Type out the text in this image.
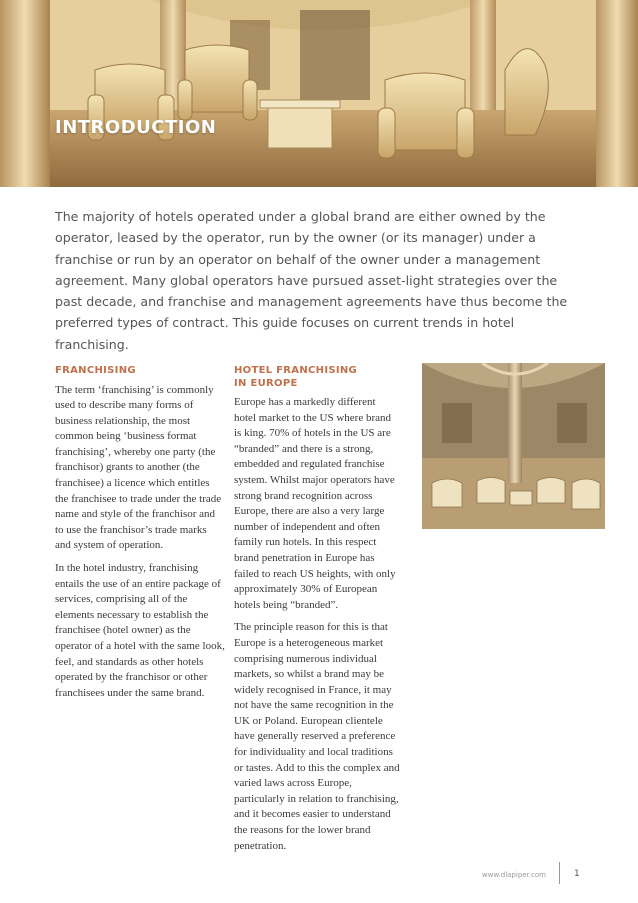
INTRODUCTION

The majority of hotels operated under a global brand are either owned by the operator, leased by the operator, run by the owner (or its manager) under a franchise or run by an operator on behalf of the owner under a management agreement. Many global operators have pursued asset-light strategies over the past decade, and franchise and management agreements have thus become the preferred types of contract. This guide focuses on current trends in hotel franchising.

FRANCHISING

The term ‘franchising’ is commonly used to describe many forms of business relationship, the most common being ‘business format franchising’, whereby one party (the franchisor) grants to another (the franchisee) a licence which entitles the franchisee to trade under the trade name and style of the franchisor and to use the franchisor’s trade marks and system of operation.

In the hotel industry, franchising entails the use of an entire package of services, comprising all of the elements necessary to establish the franchisee (hotel owner) as the operator of a hotel with the same look, feel, and standards as other hotels operated by the franchisor or other franchisees under the same brand.

HOTEL FRANCHISING
IN EUROPE

Europe has a markedly different hotel market to the US where brand is king. 70% of hotels in the US are “branded” and there is a strong, embedded and regulated franchise system. Whilst major operators have strong brand recognition across Europe, there are also a very large number of independent and often family run hotels. In this respect brand penetration in Europe has failed to reach US heights, with only approximately 30% of European hotels being “branded”.

The principle reason for this is that Europe is a heterogeneous market comprising numerous individual markets, so whilst a brand may be widely recognised in France, it may not have the same recognition in the UK or Poland. European clientele have generally reserved a preference for individuality and local traditions or tastes. Add to this the complex and varied laws across Europe, particularly in relation to franchising, and it becomes easier to understand the reasons for the lower brand penetration.

www.dlapiper.com	1
